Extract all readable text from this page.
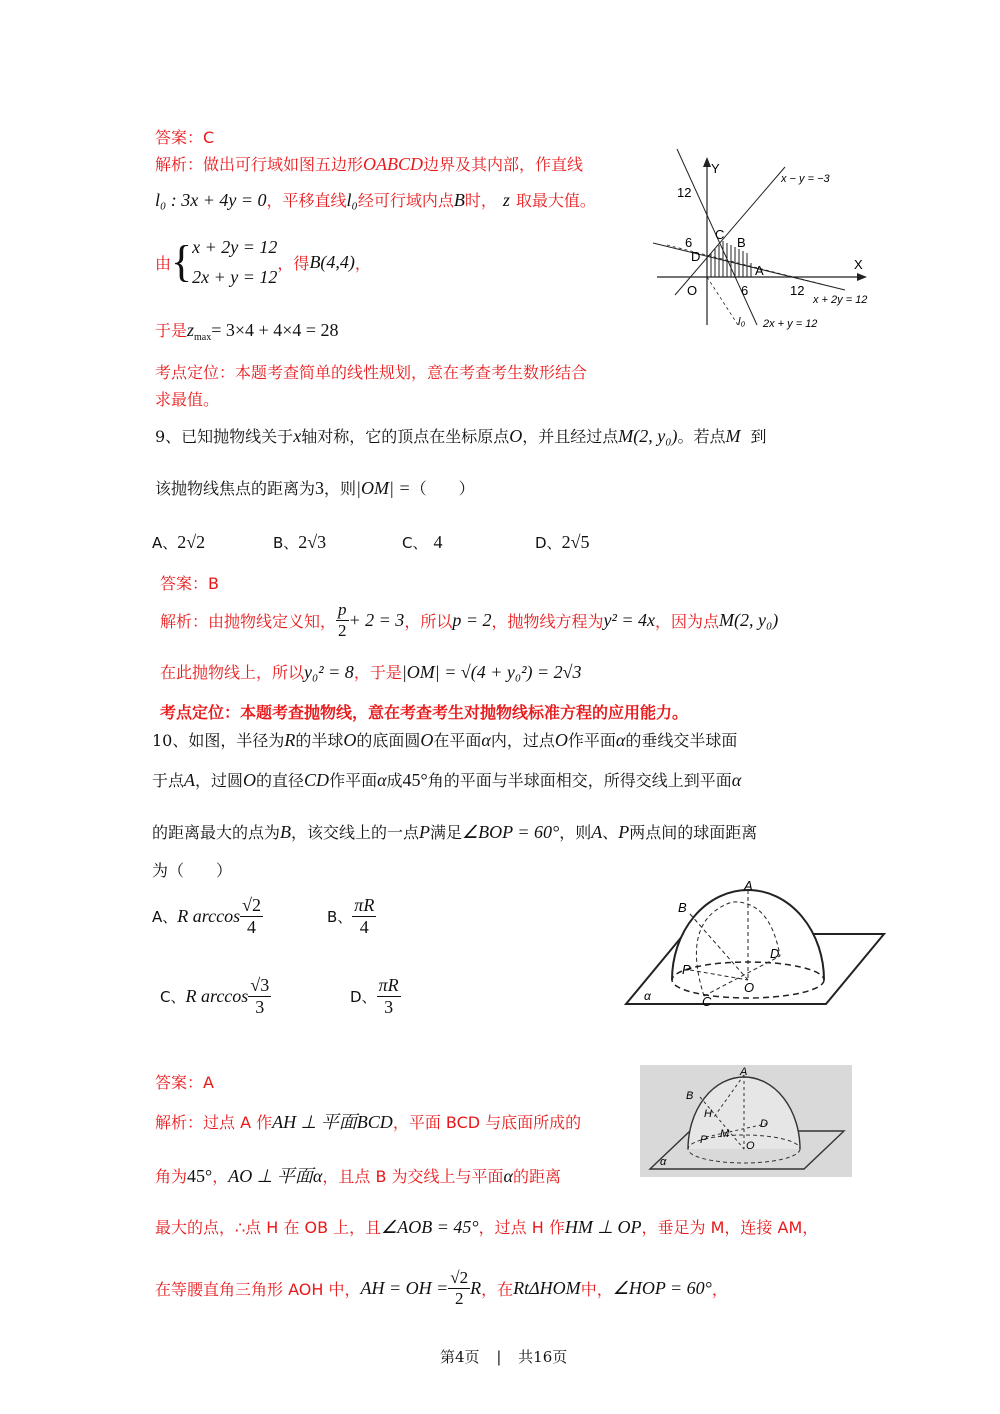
答案：C
解析：做出可行域如图五边形OABCD边界及其内部，作直线
l₀ : 3x + 4y = 0，平移直线l₀经可行域内点B时， z 取最大值。
由 { x + 2y = 12
2x + y = 12
，得 B(4,4) ，
于是$z_{max}= 3\times 4 + 4\times 4 = 28$
考点定位：本题考查简单的线性规划，意在考查考生数形结合
求最值。
Y
X
12
6
6	12
O
A
B
C
D
l₀
x − y = −3
x + 2y = 12
2x + y = 12
9、已知抛物线关于x轴对称，它的顶点在坐标原点O，并且经过点M(2, y₀)。若点M 到
该抛物线焦点的距离为3，则|OM| =（　　）
A、2√2	B、2√3	C、 4	D、2√5
答案：B
解析：由抛物线定义知， $\frac{p}{2} + 2 = 3$ ，所以 p = 2 ，抛物线方程为 y² = 4x ，因为点 M(2, y₀)
在此抛物线上，所以y₀² = 8，于是|OM| = √(4 + y₀²) = 2√3
考点定位：本题考查抛物线，意在考查考生对抛物线标准方程的应用能力。
10、如图，半径为R的半球O的底面圆O在平面α内，过点O作平面α的垂线交半球面
于点A，过圆O的直径CD作平面α成45°角的平面与半球面相交，所得交线上到平面α
的距离最大的点为B，该交线上的一点P满足∠BOP = 60°，则A、P两点间的球面距离
为（　　）
A、 R $\arccos \frac{√2}{4}$	B、 $\frac{\pi R}{4}$
C、 R $\arccos \frac{√3}{3}$	D、 $\frac{\pi R}{3}$
A
B
D
P
O
C
α
答案：A
解析：过点 A 作AH ⊥ 平面BCD，平面 BCD 与底面所成的
角为45°，AO ⊥ 平面α，且点 B 为交线上与平面α的距离
最大的点，∴点 H 在 OB 上，且∠AOB = 45°，过点 H 作HM ⊥ OP，垂足为 M，连接 AM，
在等腰直角三角形 AOH 中， AH = OH = $\frac{√2}{2}$ R ，在 RtΔHOM 中， ∠HOP = 60° ，
A
B
D
P	O
H
M
α
第4页 | 共16页
